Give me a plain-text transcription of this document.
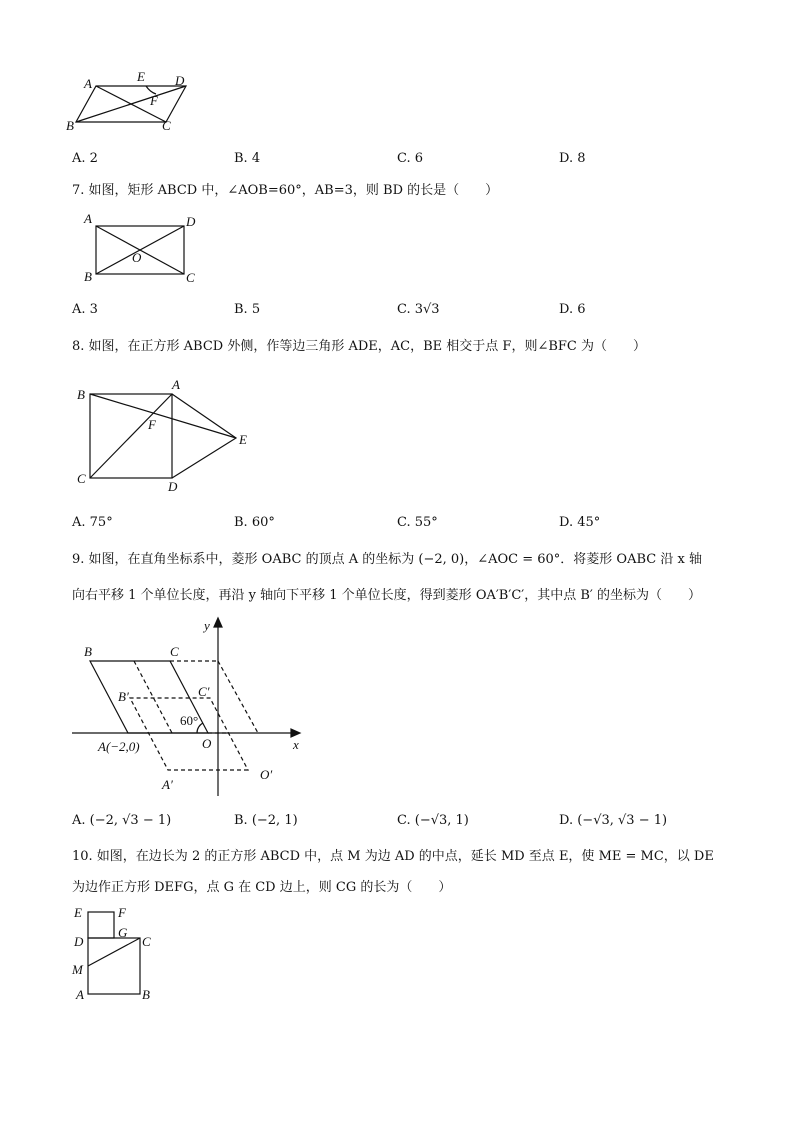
A	E D
F
B	C
A. 2	B. 4	C. 6	D. 8
7. 如图，矩形 ABCD 中，∠AOB=60°，AB=3，则 BD 的长是（　　）
A	D
O
B	C
A. 3	B. 5	C. 3√3	D. 6
8. 如图，在正方形 ABCD 外侧，作等边三角形 ADE，AC，BE 相交于点 F，则∠BFC 为（　　）
B
A
F
E
C
D
A. 75°	B. 60°	C. 55°	D. 45°
9. 如图，在直角坐标系中，菱形 OABC 的顶点 A 的坐标为 (−2, 0)，∠AOC = 60°．将菱形 OABC 沿 x 轴
向右平移 1 个单位长度，再沿 y 轴向下平移 1 个单位长度，得到菱形 OA′B′C′，其中点 B′ 的坐标为（　　）
y
x
B	C
B′	C′
60°
O
A(−2,0)
A′
O′
A. (−2, √3 − 1)	B. (−2, 1)	C. (−√3, 1)	D. (−√3, √3 − 1)
10. 如图，在边长为 2 的正方形 ABCD 中，点 M 为边 AD 的中点，延长 MD 至点 E，使 ME = MC，以 DE
为边作正方形 DEFG，点 G 在 CD 边上，则 CG 的长为（　　）
E	F
D
G
C
M
A	B
